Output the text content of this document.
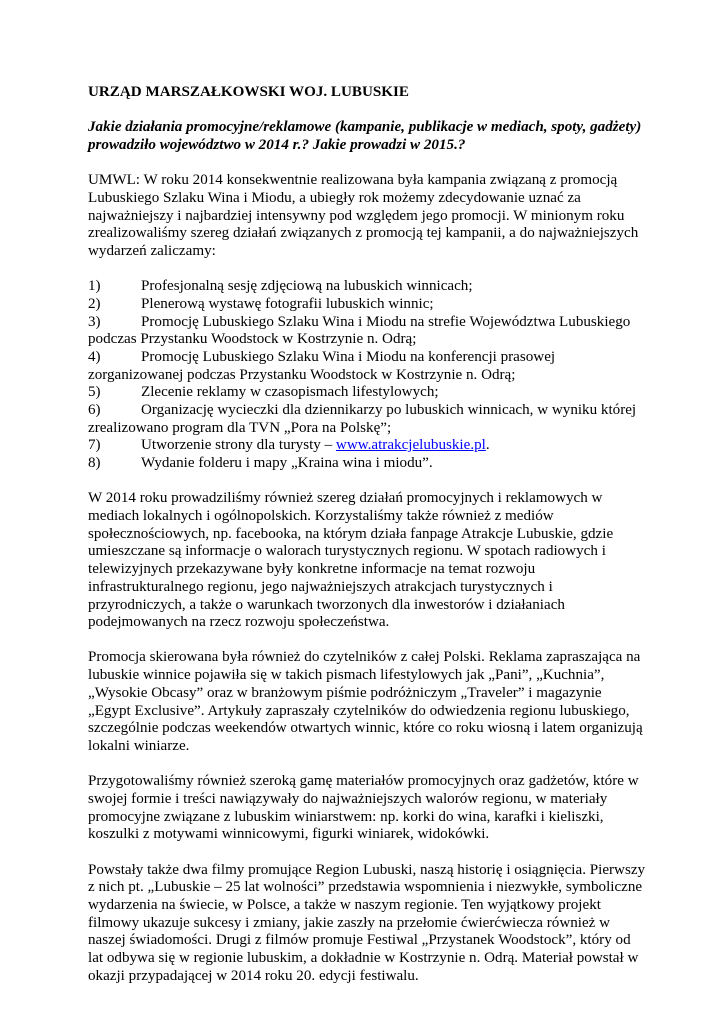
URZĄD MARSZAŁKOWSKI WOJ. LUBUSKIE
Jakie działania promocyjne/reklamowe (kampanie, publikacje w mediach, spoty, gadżety) prowadziło województwo w 2014 r.? Jakie prowadzi w 2015.?

UMWL: W roku 2014 konsekwentnie realizowana była kampania związaną z promocją Lubuskiego Szlaku Wina i Miodu, a ubiegły rok możemy zdecydowanie uznać za najważniejszy i najbardziej intensywny pod względem jego promocji. W minionym roku zrealizowaliśmy szereg działań związanych z promocją tej kampanii, a do najważniejszych wydarzeń zaliczamy:

1)	Profesjonalną sesję zdjęciową na lubuskich winnicach;
2)	Plenerową wystawę fotografii lubuskich winnic;
3)	Promocję Lubuskiego Szlaku Wina i Miodu na strefie Województwa Lubuskiego podczas Przystanku Woodstock w Kostrzynie n. Odrą;
4)	Promocję Lubuskiego Szlaku Wina i Miodu na konferencji prasowej zorganizowanej podczas Przystanku Woodstock w Kostrzynie n. Odrą;
5)	Zlecenie reklamy w czasopismach lifestylowych;
6)	Organizację wycieczki dla dziennikarzy po lubuskich winnicach, w wyniku której zrealizowano program dla TVN „Pora na Polskę”;
7)	Utworzenie strony dla turysty – www.atrakcjelubuskie.pl.
8)	Wydanie folderu i mapy „Kraina wina i miodu”.

W 2014 roku prowadziliśmy również szereg działań promocyjnych i reklamowych w mediach lokalnych i ogólnopolskich. Korzystaliśmy także również z mediów społecznościowych, np. facebooka, na którym działa fanpage Atrakcje Lubuskie, gdzie umieszczane są informacje o walorach turystycznych regionu. W spotach radiowych i telewizyjnych przekazywane były konkretne informacje na temat rozwoju infrastrukturalnego regionu, jego najważniejszych atrakcjach turystycznych i przyrodniczych, a także o warunkach tworzonych dla inwestorów i działaniach podejmowanych na rzecz rozwoju społeczeństwa.

Promocja skierowana była również do czytelników z całej Polski. Reklama zapraszająca na lubuskie winnice pojawiła się w takich pismach lifestylowych jak „Pani”, „Kuchnia”, „Wysokie Obcasy” oraz w branżowym piśmie podróżniczym „Traveler” i magazynie „Egypt Exclusive”. Artykuły zapraszały czytelników do odwiedzenia regionu lubuskiego, szczególnie podczas weekendów otwartych winnic, które co roku wiosną i latem organizują lokalni winiarze.

Przygotowaliśmy również szeroką gamę materiałów promocyjnych oraz gadżetów, które w swojej formie i treści nawiązywały do najważniejszych walorów regionu, w materiały promocyjne związane z lubuskim winiarstwem: np. korki do wina, karafki i kieliszki, koszulki z motywami winnicowymi, figurki winiarek, widokówki.

Powstały także dwa filmy promujące Region Lubuski, naszą historię i osiągnięcia. Pierwszy z nich pt. „Lubuskie – 25 lat wolności” przedstawia wspomnienia i niezwykłe, symboliczne wydarzenia na świecie, w Polsce, a także w naszym regionie. Ten wyjątkowy projekt filmowy ukazuje sukcesy i zmiany, jakie zaszły na przełomie ćwierćwiecza również w naszej świadomości. Drugi z filmów promuje Festiwal „Przystanek Woodstock”, który od lat odbywa się w regionie lubuskim, a dokładnie w Kostrzynie n. Odrą. Materiał powstał w okazji przypadającej w 2014 roku 20. edycji festiwalu.
